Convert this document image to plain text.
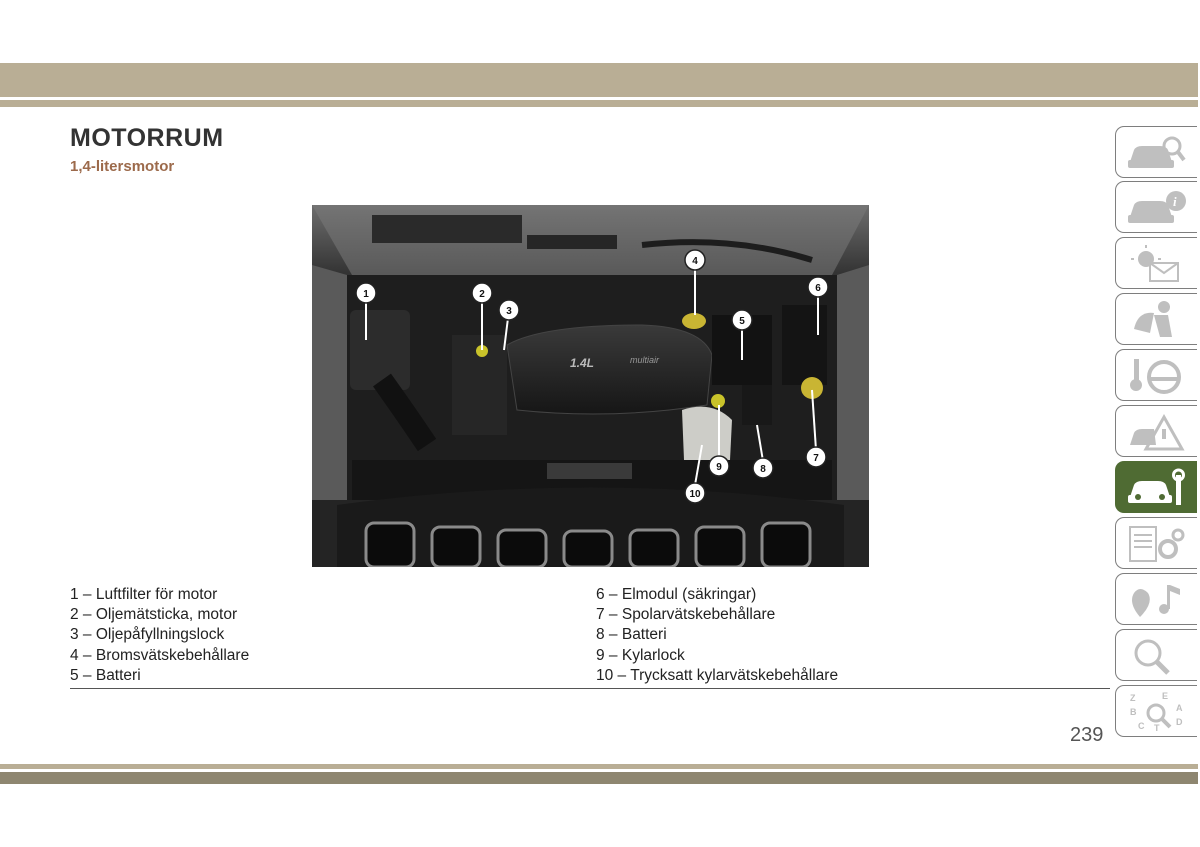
MOTORRUM
1,4-litersmotor
1.4L	multiair
1	2
3
4
5
6
7
8
9
10
1 – Luftfilter för motor
2 – Oljemätsticka, motor
3 – Oljepåfyllningslock
4 – Bromsvätskebehållare
5 – Batteri
6 – Elmodul (säkringar)
7 – Spolarvätskebehållare
8 – Batteri
9 – Kylarlock
10 – Trycksatt kylarvätskebehållare
239
i
Z	E
B	A
D
C T
